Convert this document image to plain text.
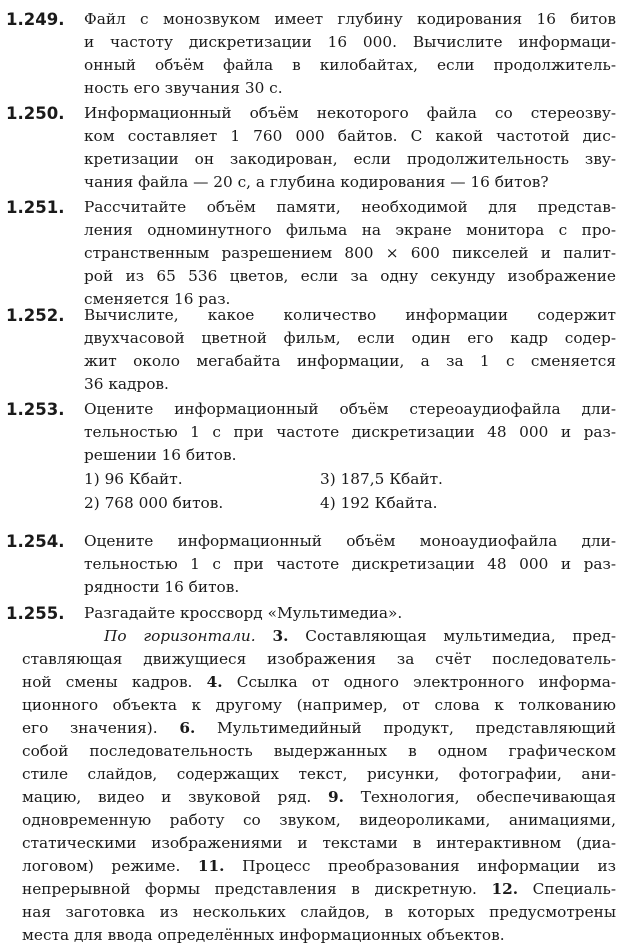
1.249. Файл с монозвуком имеет глубину кодирования 16 битов
и частоту дискретизации 16 000. Вычислите информаци-
онный объём файла в килобайтах, если продолжитель-
ность его звучания 30 с.
1.250. Информационный объём некоторого файла со стереозву-
ком составляет 1 760 000 байтов. С какой частотой дис-
кретизации он закодирован, если продолжительность зву-
чания файла — 20 с, а глубина кодирования — 16 битов?
1.251. Рассчитайте объём памяти, необходимой для представ-
ления одноминутного фильма на экране монитора с про-
странственным разрешением 800 × 600 пикселей и палит-
рой из 65 536 цветов, если за одну секунду изображение
сменяется 16 раз.
1.252. Вычислите, какое количество информации содержит
двухчасовой цветной фильм, если один его кадр содер-
жит около мегабайта информации, а за 1 с сменяется
36 кадров.
1.253. Оцените информационный объём стереоаудиофайла дли-
тельностью 1 с при частоте дискретизации 48 000 и раз-
решении 16 битов.
1) 96 Кбайт.	3) 187,5 Кбайт.
2) 768 000 битов.	4) 192 Кбайта.
1.254. Оцените информационный объём моноаудиофайла дли-
тельностью 1 с при частоте дискретизации 48 000 и раз-
рядности 16 битов.
1.255. Разгадайте кроссворд «Мультимедиа».
По горизонтали. 3. Составляющая мультимедиа, пред-
ставляющая движущиеся изображения за счёт последователь-
ной смены кадров. 4. Ссылка от одного электронного информа-
ционного объекта к другому (например, от слова к толкованию
его значения). 6. Мультимедийный продукт, представляющий
собой последовательность выдержанных в одном графическом
стиле слайдов, содержащих текст, рисунки, фотографии, ани-
мацию, видео и звуковой ряд. 9. Технология, обеспечивающая
одновременную работу со звуком, видеороликами, анимациями,
статическими изображениями и текстами в интерактивном (диа-
логовом) режиме. 11. Процесс преобразования информации из
непрерывной формы представления в дискретную. 12. Специаль-
ная заготовка из нескольких слайдов, в которых предусмотрены
места для ввода определённых информационных объектов.
